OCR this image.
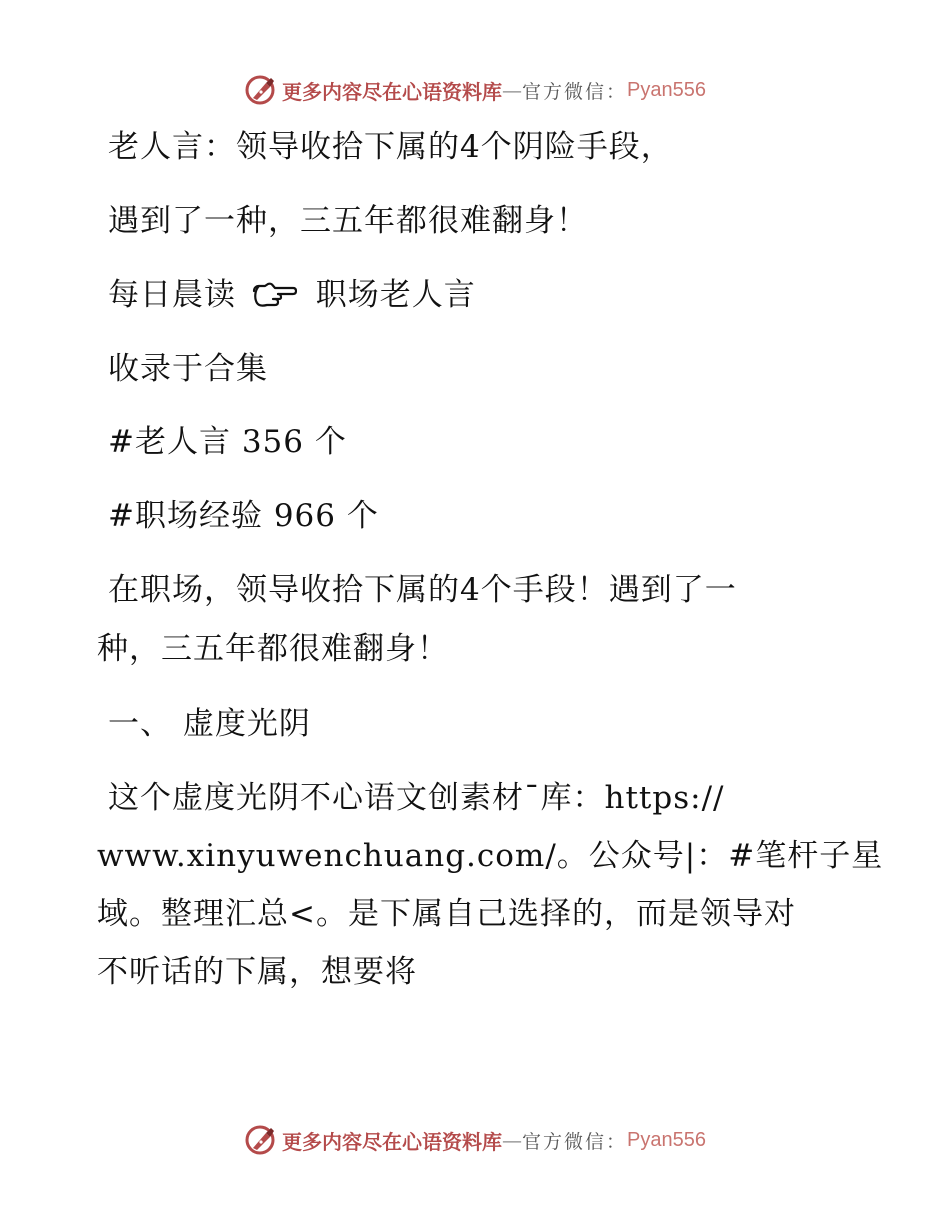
更多内容尽在心语资料库 — 官方微信： Pyan556
老人言：领导收拾下属的4个阴险手段，
遇到了一种，三五年都很难翻身！
每日晨读	职场老人言
收录于合集
#老人言 356 个
#职场经验 966 个
在职场，领导收拾下属的4个手段！遇到了一
种，三五年都很难翻身！
一、 虚度光阴
这个虚度光阴不心语文创素材¯库：https://
www.xinyuwenchuang.com/。公众号|：#笔杆子星
域。整理汇总<。是下属自己选择的，而是领导对
不听话的下属，想要将
更多内容尽在心语资料库 — 官方微信： Pyan556
